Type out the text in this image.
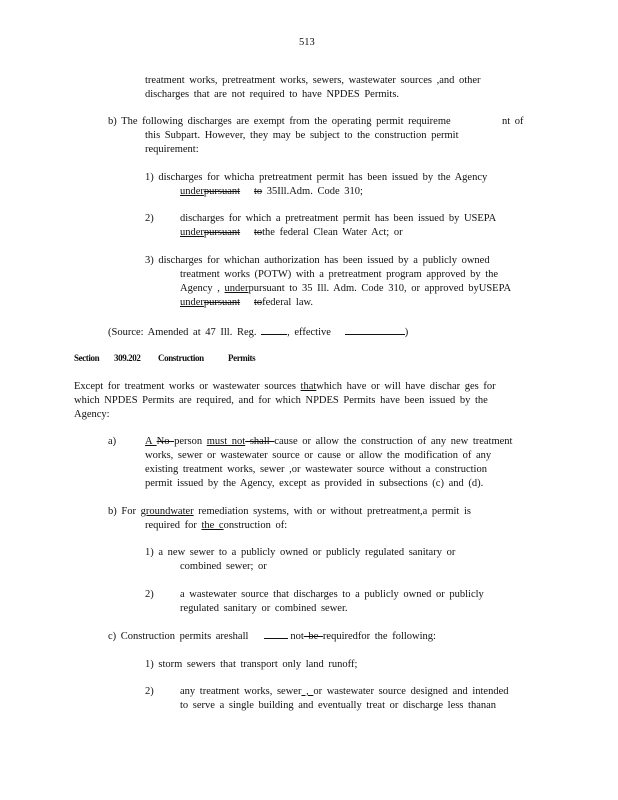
513
treatment works, pretreatment works, sewers, wastewater sources ,and other
discharges that are not required to have NPDES Permits.
b) The following discharges are exempt from the operating permit requireme	nt of
this Subpart. However, they may be subject to the construction permit
requirement:
1) discharges for whicha pretreatment permit has been issued by the Agency
underpursuant to 35Ill.Adm. Code 310;
2)	discharges for which a pretreatment permit has been issued by USEPA
underpursuant tothe federal Clean Water Act; or
3) discharges for whichan authorization has been issued by a publicly owned
treatment works (POTW) with a pretreatment program approved by the
Agency , underpursuant to 35 Ill. Adm. Code 310, or approved byUSEPA
underpursuant tofederal law.
(Source: Amended at 47 Ill. Reg.	, effective	)
Section 309.202 Construction	Permits
Except for treatment works or wastewater sources thatwhich have or will have dischar ges for
which NPDES Permits are required, and for which NPDES Permits have been issued by the
Agency:
a)	A No person must not shall cause or allow the construction of any new treatment
works, sewer or wastewater source or cause or allow the modification of any
existing treatment works, sewer ,or wastewater source without a construction
permit issued by the Agency, except as provided in subsections (c) and (d).
b) For groundwater remediation systems, with or without pretreatment,a permit is
required for the construction of:
1) a new sewer to a publicly owned or publicly regulated sanitary or
combined sewer; or
2)	a wastewater source that discharges to a publicly owned or publicly
regulated sanitary or combined sewer.
c) Construction permits areshall	not be requiredfor the following:
1) storm sewers that transport only land runoff;
2)	any treatment works, sewer , or wastewater source designed and intended
to serve a single building and eventually treat or discharge less thanan
